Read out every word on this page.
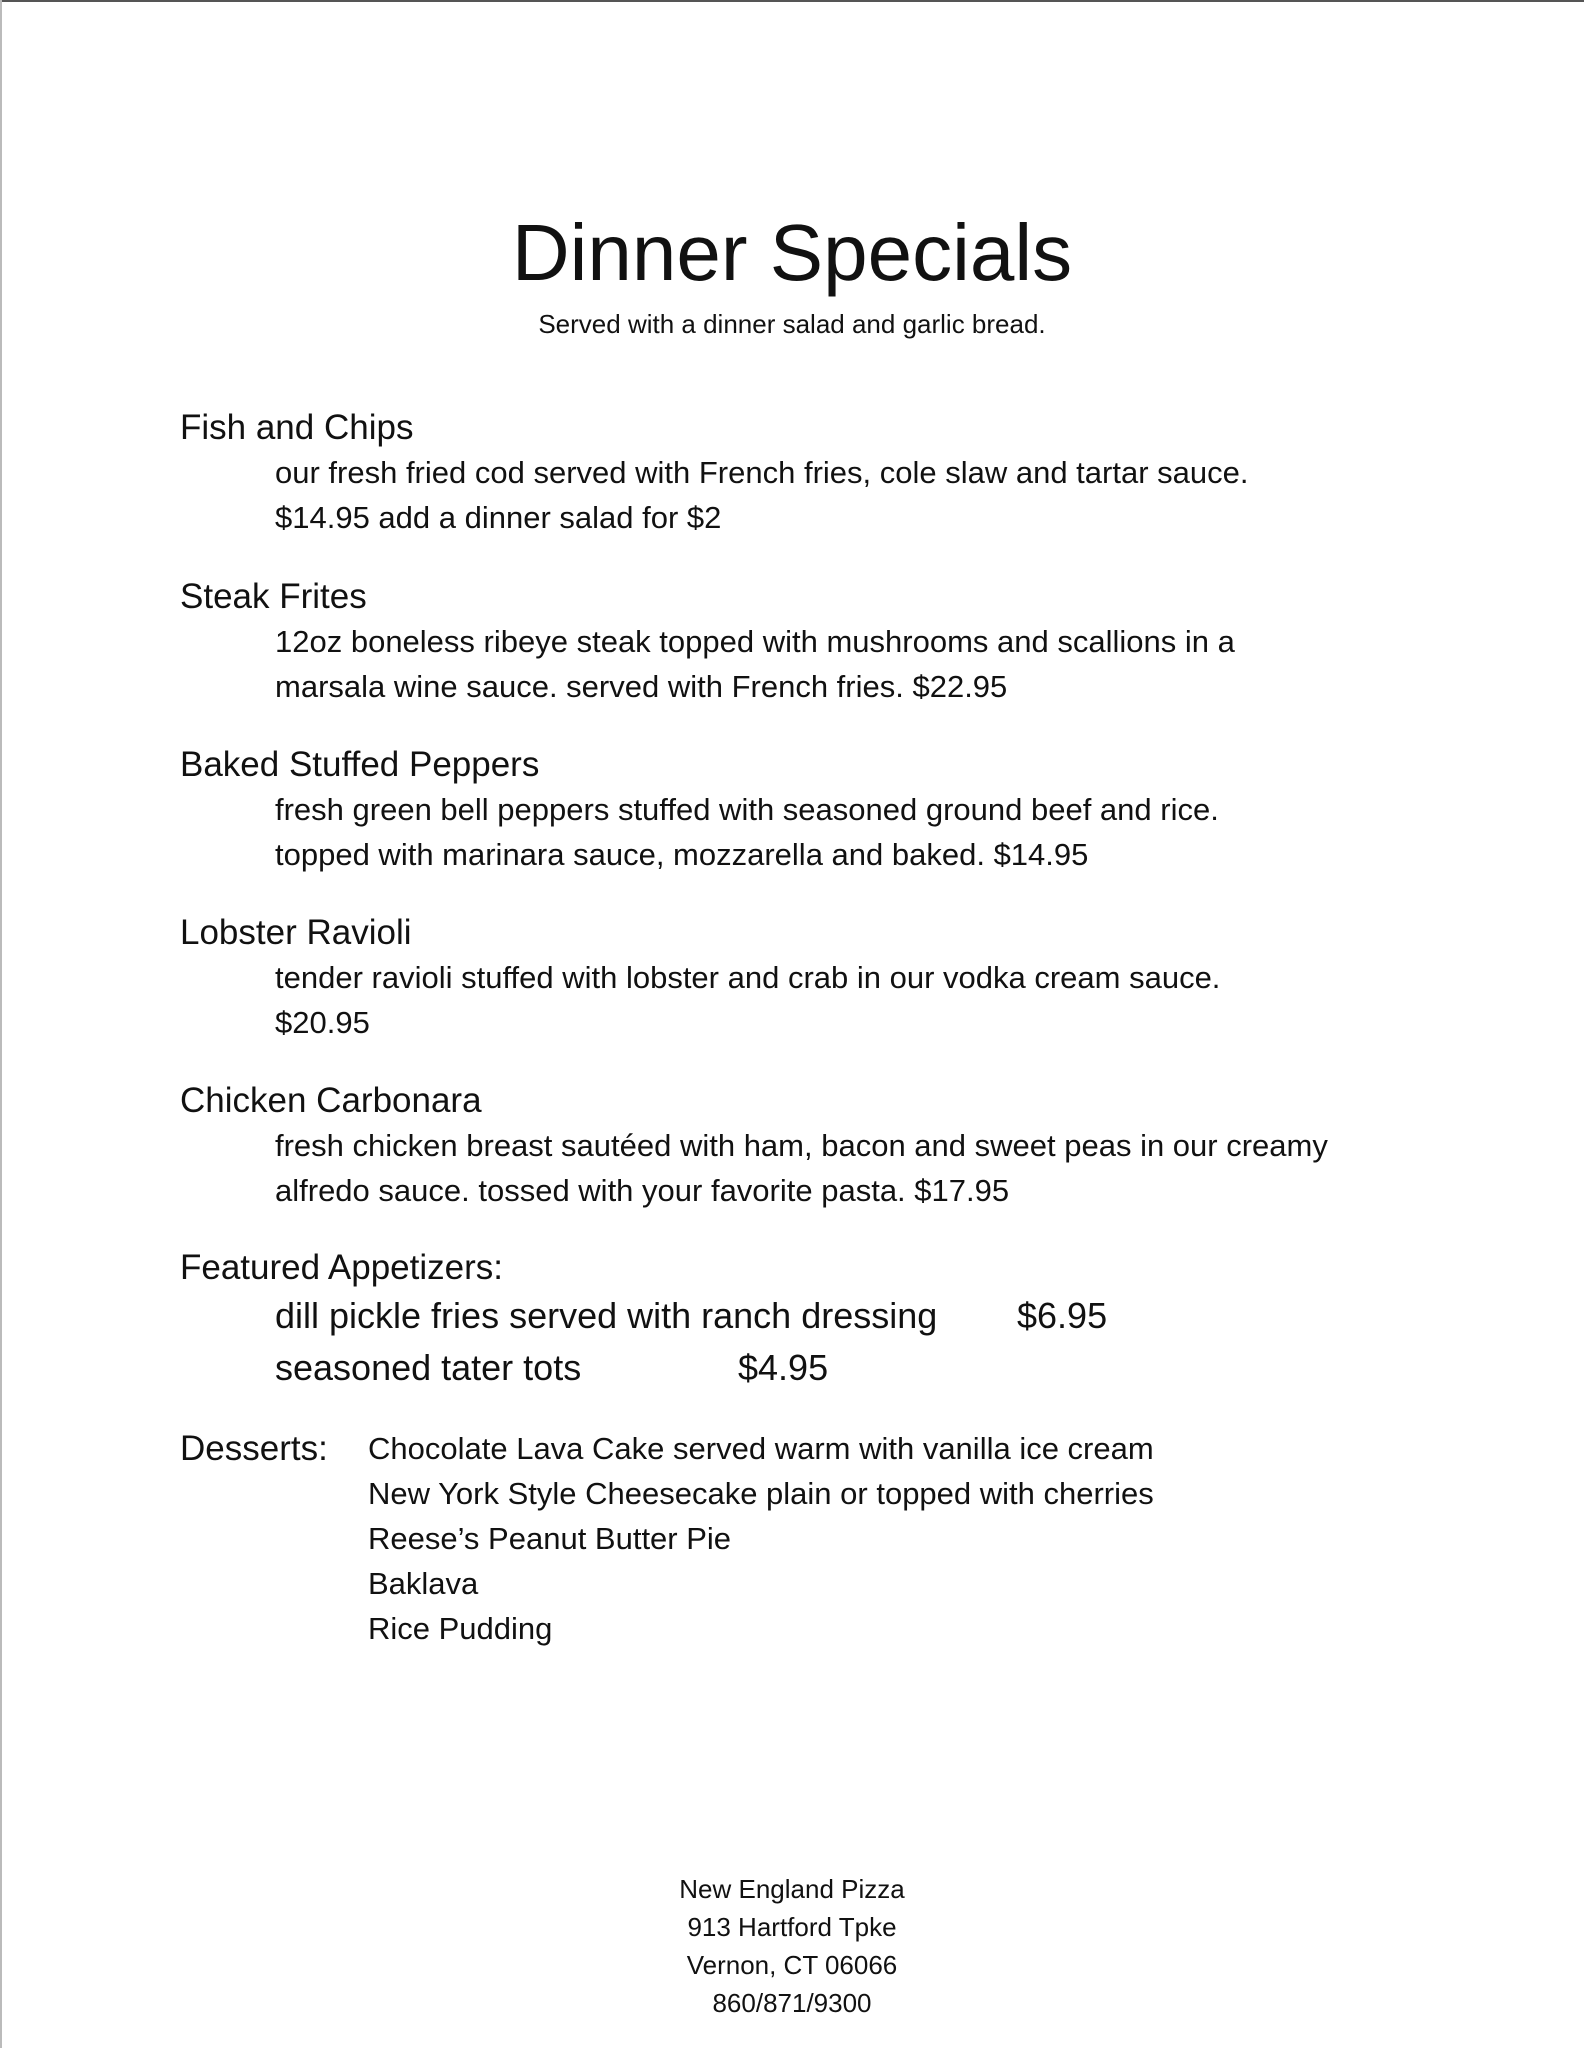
Dinner Specials
Served with a dinner salad and garlic bread.
Fish and Chips
our fresh fried cod served with French fries, cole slaw and tartar sauce.
$14.95 add a dinner salad for $2
Steak Frites
12oz boneless ribeye steak topped with mushrooms and scallions in a
marsala wine sauce. served with French fries. $22.95
Baked Stuffed Peppers
fresh green bell peppers stuffed with seasoned ground beef and rice.
topped with marinara sauce, mozzarella and baked. $14.95
Lobster Ravioli
tender ravioli stuffed with lobster and crab in our vodka cream sauce.
$20.95
Chicken Carbonara
fresh chicken breast sautéed with ham, bacon and sweet peas in our creamy
alfredo sauce. tossed with your favorite pasta. $17.95
Featured Appetizers:
dill pickle fries served with ranch dressing $6.95
seasoned tater tots	$4.95
Desserts: Chocolate Lava Cake served warm with vanilla ice cream
New York Style Cheesecake plain or topped with cherries
Reese’s Peanut Butter Pie
Baklava
Rice Pudding
New England Pizza
913 Hartford Tpke
Vernon, CT 06066
860/871/9300
